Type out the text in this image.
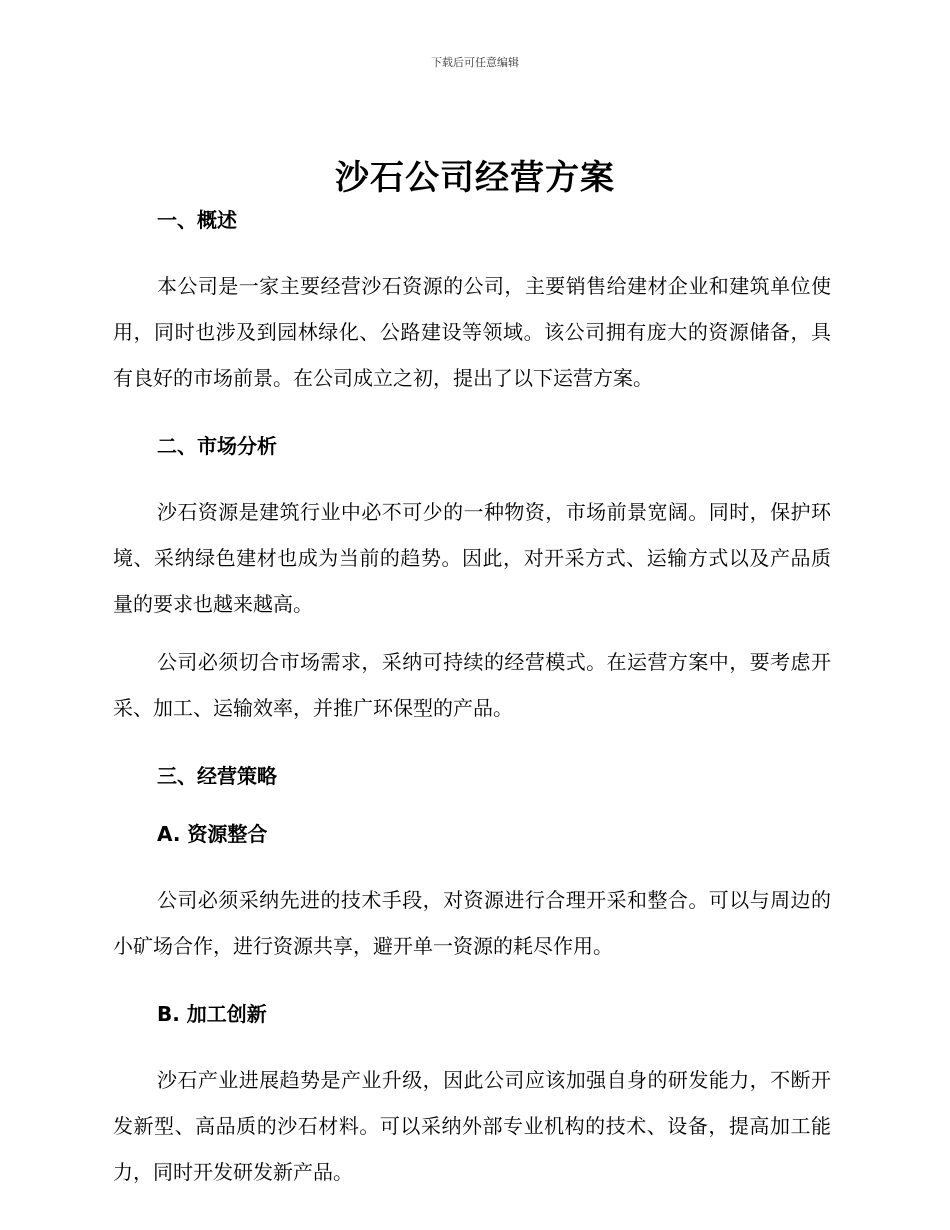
下载后可任意编辑
沙石公司经营方案

一、概述

本公司是一家主要经营沙石资源的公司，主要销售给建材企业和建筑单位使用，同时也涉及到园林绿化、公路建设等领域。该公司拥有庞大的资源储备，具有良好的市场前景。在公司成立之初，提出了以下运营方案。

二、市场分析

沙石资源是建筑行业中必不可少的一种物资，市场前景宽阔。同时，保护环境、采纳绿色建材也成为当前的趋势。因此，对开采方式、运输方式以及产品质量的要求也越来越高。

公司必须切合市场需求，采纳可持续的经营模式。在运营方案中，要考虑开采、加工、运输效率，并推广环保型的产品。

三、经营策略

A. 资源整合

公司必须采纳先进的技术手段，对资源进行合理开采和整合。可以与周边的小矿场合作，进行资源共享，避开单一资源的耗尽作用。

B. 加工创新

沙石产业进展趋势是产业升级，因此公司应该加强自身的研发能力，不断开发新型、高品质的沙石材料。可以采纳外部专业机构的技术、设备，提高加工能力，同时开发研发新产品。
